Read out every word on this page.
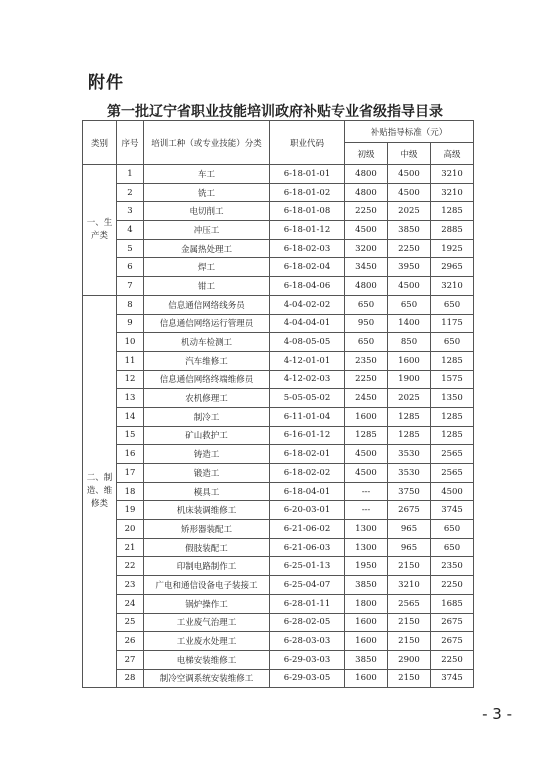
附件
第一批辽宁省职业技能培训政府补贴专业省级指导目录
类别	序号	培训工种（或专业技能）分类	职业代码	补贴指导标准（元）		
				初级	中级	高级
一、生产类	1	车工	6-18-01-01	4800	4500	3210
	2	铣工	6-18-01-02	4800	4500	3210
	3	电切削工	6-18-01-08	2250	2025	1285
	4	冲压工	6-18-01-12	4500	3850	2885
	5	金属热处理工	6-18-02-03	3200	2250	1925
	6	焊工	6-18-02-04	3450	3950	2965
	7	钳工	6-18-04-06	4800	4500	3210
二、制造、维修类	8	信息通信网络线务员	4-04-02-02	650	650	650
	9	信息通信网络运行管理员	4-04-04-01	950	1400	1175
	10	机动车检测工	4-08-05-05	650	850	650
	11	汽车维修工	4-12-01-01	2350	1600	1285
	12	信息通信网络终端维修员	4-12-02-03	2250	1900	1575
	13	农机修理工	5-05-05-02	2450	2025	1350
	14	制冷工	6-11-01-04	1600	1285	1285
	15	矿山救护工	6-16-01-12	1285	1285	1285
	16	铸造工	6-18-02-01	4500	3530	2565
	17	锻造工	6-18-02-02	4500	3530	2565
	18	模具工	6-18-04-01	---	3750	4500
	19	机床装调维修工	6-20-03-01	---	2675	3745
	20	矫形器装配工	6-21-06-02	1300	965	650
	21	假肢装配工	6-21-06-03	1300	965	650
	22	印制电路制作工	6-25-01-13	1950	2150	2350
	23	广电和通信设备电子装接工	6-25-04-07	3850	3210	2250
	24	锅炉操作工	6-28-01-11	1800	2565	1685
	25	工业废气治理工	6-28-02-05	1600	2150	2675
	26	工业废水处理工	6-28-03-03	1600	2150	2675
	27	电梯安装维修工	6-29-03-03	3850	2900	2250
	28	制冷空调系统安装维修工	6-29-03-05	1600	2150	3745
- 3 -
